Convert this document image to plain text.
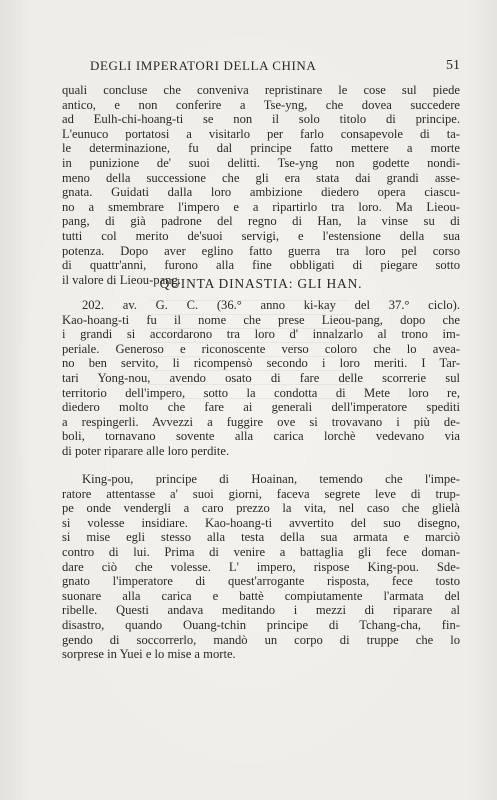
DEGLI IMPERATORI DELLA CHINA	51
quali concluse che conveniva repristinare le cose sul piede
antico, e non conferire a Tse-yng, che dovea succedere
ad Eulh-chi-hoang-ti se non il solo titolo di principe.
L'eunuco portatosi a visitarlo per farlo consapevole di ta-
le determinazione, fu dal principe fatto mettere a morte
in punizione de' suoi delitti. Tse-yng non godette nondi-
meno della successione che gli era stata dai grandi asse-
gnata. Guidati dalla loro ambizione diedero opera ciascu-
no a smembrare l'impero e a ripartirlo tra loro. Ma Lieou-
pang, di già padrone del regno di Han, la vinse su di
tutti col merito de'suoi servigi, e l'estensione della sua
potenza. Dopo aver eglino fatto guerra tra loro pel corso
di quattr'anni, furono alla fine obbligati di piegare sotto
il valore di Lieou-pang.
QUINTA DINASTIA: GLI HAN.
202. av. G. C. (36.° anno ki-kay del 37.° ciclo).
Kao-hoang-ti fu il nome che prese Lieou-pang, dopo che
i grandi si accordarono tra loro d' innalzarlo al trono im-
periale. Generoso e riconoscente verso coloro che lo avea-
no ben servito, li ricompensò secondo i loro meriti. I Tar-
tari Yong-nou, avendo osato di fare delle scorrerie sul
territorio dell'impero, sotto la condotta di Mete loro re,
diedero molto che fare ai generali dell'imperatore spediti
a respingerli. Avvezzi a fuggire ove si trovavano i più de-
boli, tornavano sovente alla carica lorchè vedevano via
di poter riparare alle loro perdite.
King-pou, principe di Hoainan, temendo che l'impe-
ratore attentasse a' suoi giorni, faceva segrete leve di trup-
pe onde vendergli a caro prezzo la vita, nel caso che glielà
si volesse insidiare. Kao-hoang-ti avvertito del suo disegno,
si mise egli stesso alla testa della sua armata e marciò
contro di lui. Prima di venire a battaglia gli fece doman-
dare ciò che volesse. L' impero, rispose King-pou. Sde-
gnato l'imperatore di quest'arrogante risposta, fece tosto
suonare alla carica e battè compiutamente l'armata del
ribelle. Questi andava meditando i mezzi di riparare al
disastro, quando Ouang-tchin principe di Tchang-cha, fin-
gendo di soccorrerlo, mandò un corpo di truppe che lo
sorprese in Yuei e lo mise a morte.
